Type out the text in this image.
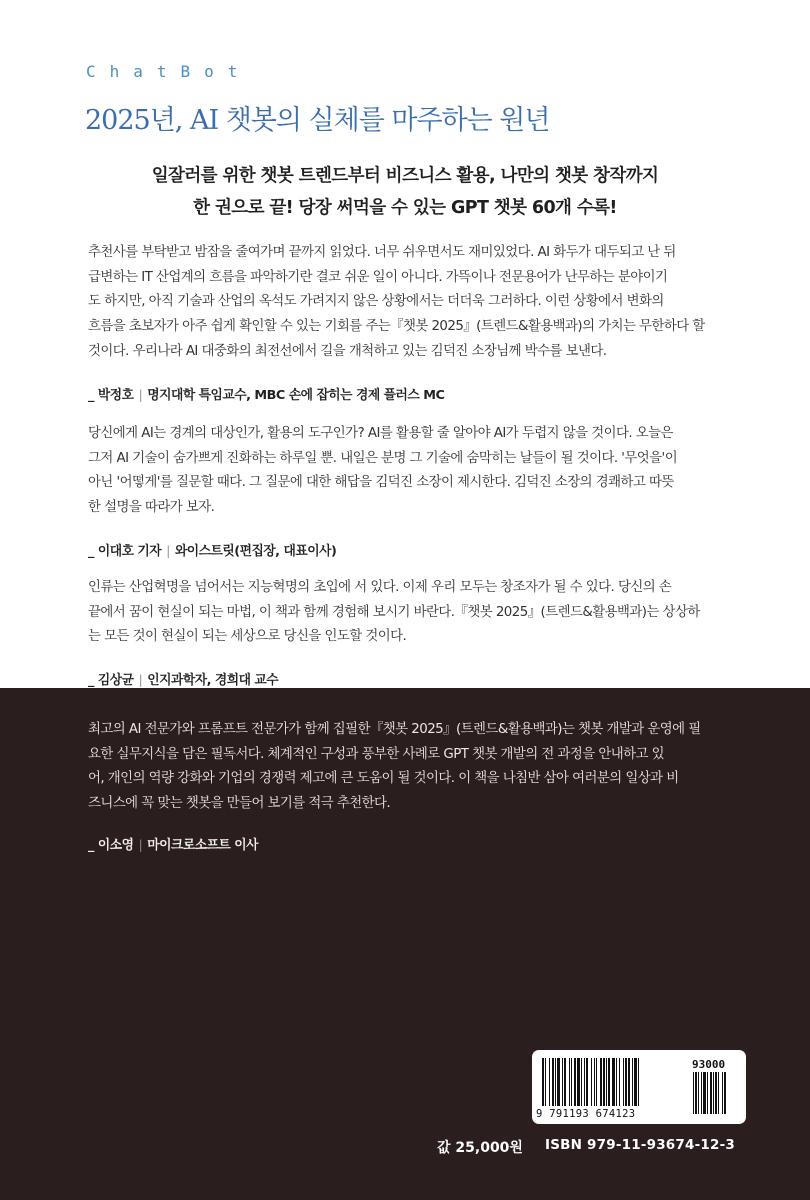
ChatBot
2025년, AI 챗봇의 실체를 마주하는 원년
일잘러를 위한 챗봇 트렌드부터 비즈니스 활용, 나만의 챗봇 창작까지
한 권으로 끝! 당장 써먹을 수 있는 GPT 챗봇 60개 수록!
추천사를 부탁받고 밤잠을 줄여가며 끝까지 읽었다. 너무 쉬우면서도 재미있었다. AI 화두가 대두되고 난 뒤
급변하는 IT 산업계의 흐름을 파악하기란 결코 쉬운 일이 아니다. 가뜩이나 전문용어가 난무하는 분야이기
도 하지만, 아직 기술과 산업의 옥석도 가려지지 않은 상황에서는 더더욱 그러하다. 이런 상황에서 변화의
흐름을 초보자가 아주 쉽게 확인할 수 있는 기회를 주는『챗봇 2025』(트렌드&활용백과)의 가치는 무한하다 할
것이다. 우리나라 AI 대중화의 최전선에서 길을 개척하고 있는 김덕진 소장님께 박수를 보낸다.
_ 박정호 | 명지대학 특임교수, MBC 손에 잡히는 경제 플러스 MC
당신에게 AI는 경계의 대상인가, 활용의 도구인가? AI를 활용할 줄 알아야 AI가 두렵지 않을 것이다. 오늘은
그저 AI 기술이 숨가쁘게 진화하는 하루일 뿐. 내일은 분명 그 기술에 숨막히는 날들이 될 것이다. '무엇을'이
아닌 '어떻게'를 질문할 때다. 그 질문에 대한 해답을 김덕진 소장이 제시한다. 김덕진 소장의 경쾌하고 따뜻
한 설명을 따라가 보자.
_ 이대호 기자 | 와이스트릿(편집장, 대표이사)
인류는 산업혁명을 넘어서는 지능혁명의 초입에 서 있다. 이제 우리 모두는 창조자가 될 수 있다. 당신의 손
끝에서 꿈이 현실이 되는 마법, 이 책과 함께 경험해 보시기 바란다.『챗봇 2025』(트렌드&활용백과)는 상상하
는 모든 것이 현실이 되는 세상으로 당신을 인도할 것이다.
_ 김상균 | 인지과학자, 경희대 교수
최고의 AI 전문가와 프롬프트 전문가가 함께 집필한『챗봇 2025』(트렌드&활용백과)는 챗봇 개발과 운영에 필
요한 실무지식을 담은 필독서다. 체계적인 구성과 풍부한 사례로 GPT 챗봇 개발의 전 과정을 안내하고 있
어, 개인의 역량 강화와 기업의 경쟁력 제고에 큰 도움이 될 것이다. 이 책을 나침반 삼아 여러분의 일상과 비
즈니스에 꼭 맞는 챗봇을 만들어 보기를 적극 추천한다.
_ 이소영 | 마이크로소프트 이사
9 791193 674123
93000
값 25,000원 ISBN 979-11-93674-12-3
